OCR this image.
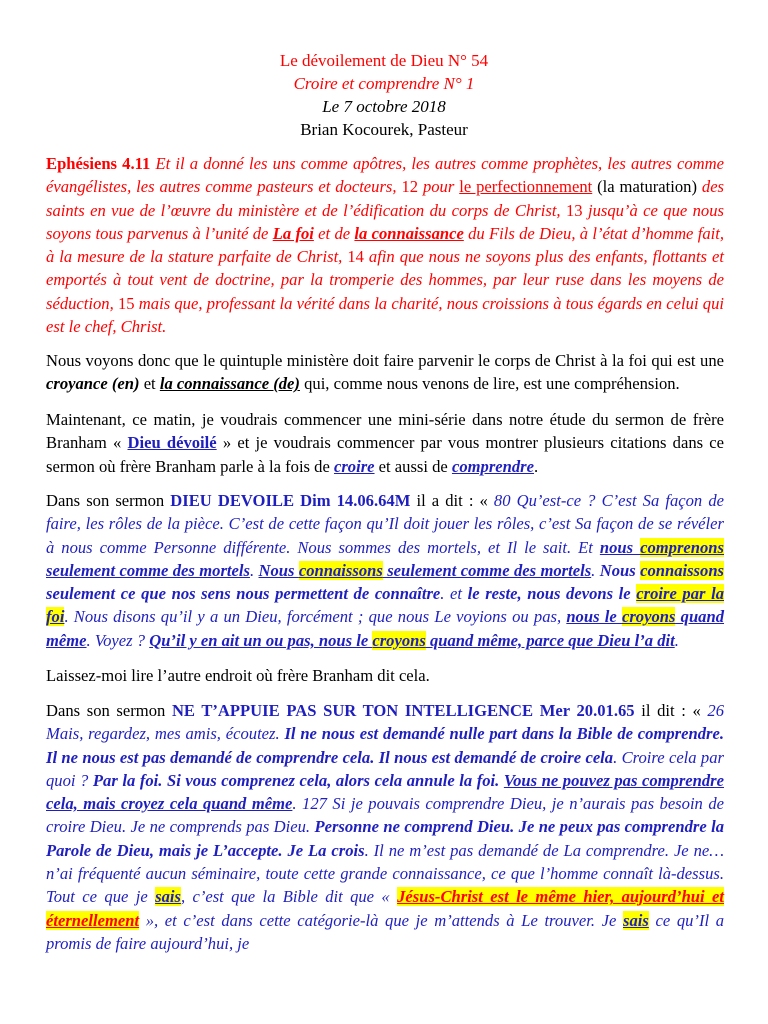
Le dévoilement de Dieu N° 54
Croire et comprendre N° 1
Le 7 octobre 2018
Brian Kocourek, Pasteur

Ephésiens 4.11 Et il a donné les uns comme apôtres, les autres comme prophètes, les autres comme évangélistes, les autres comme pasteurs et docteurs, 12 pour le perfectionnement (la maturation) des saints en vue de l’œuvre du ministère et de l’édification du corps de Christ, 13 jusqu’à ce que nous soyons tous parvenus à l’unité de La foi et de la connaissance du Fils de Dieu, à l’état d’homme fait, à la mesure de la stature parfaite de Christ, 14 afin que nous ne soyons plus des enfants, flottants et emportés à tout vent de doctrine, par la tromperie des hommes, par leur ruse dans les moyens de séduction, 15 mais que, professant la vérité dans la charité, nous croissions à tous égards en celui qui est le chef, Christ.

Nous voyons donc que le quintuple ministère doit faire parvenir le corps de Christ à la foi qui est une croyance (en) et la connaissance (de) qui, comme nous venons de lire, est une compréhension.

Maintenant, ce matin, je voudrais commencer une mini-série dans notre étude du sermon de frère Branham « Dieu dévoilé » et je voudrais commencer par vous montrer plusieurs citations dans ce sermon où frère Branham parle à la fois de croire et aussi de comprendre.

Dans son sermon DIEU DEVOILE Dim 14.06.64M il a dit : « 80 Qu’est-ce ? C’est Sa façon de faire, les rôles de la pièce. C’est de cette façon qu’Il doit jouer les rôles, c’est Sa façon de se révéler à nous comme Personne différente. Nous sommes des mortels, et Il le sait. Et nous comprenons seulement comme des mortels. Nous connaissons seulement comme des mortels. Nous connaissons seulement ce que nos sens nous permettent de connaître. et le reste, nous devons le croire par la foi. Nous disons qu’il y a un Dieu, forcément ; que nous Le voyions ou pas, nous le croyons quand même. Voyez ? Qu’il y en ait un ou pas, nous le croyons quand même, parce que Dieu l’a dit.

Laissez-moi lire l’autre endroit où frère Branham dit cela.

Dans son sermon NE T’APPUIE PAS SUR TON INTELLIGENCE Mer 20.01.65 il dit : « 26 Mais, regardez, mes amis, écoutez. Il ne nous est demandé nulle part dans la Bible de comprendre. Il ne nous est pas demandé de comprendre cela. Il nous est demandé de croire cela. Croire cela par quoi ? Par la foi. Si vous comprenez cela, alors cela annule la foi. Vous ne pouvez pas comprendre cela, mais croyez cela quand même. 127 Si je pouvais comprendre Dieu, je n’aurais pas besoin de croire Dieu. Je ne comprends pas Dieu. Personne ne comprend Dieu. Je ne peux pas comprendre la Parole de Dieu, mais je L’accepte. Je La crois. Il ne m’est pas demandé de La comprendre. Je ne… n’ai fréquenté aucun séminaire, toute cette grande connaissance, ce que l’homme connaît là-dessus. Tout ce que je sais, c’est que la Bible dit que « Jésus-Christ est le même hier, aujourd’hui et éternellement », et c’est dans cette catégorie-là que je m’attends à Le trouver. Je sais ce qu’Il a promis de faire aujourd’hui, je
